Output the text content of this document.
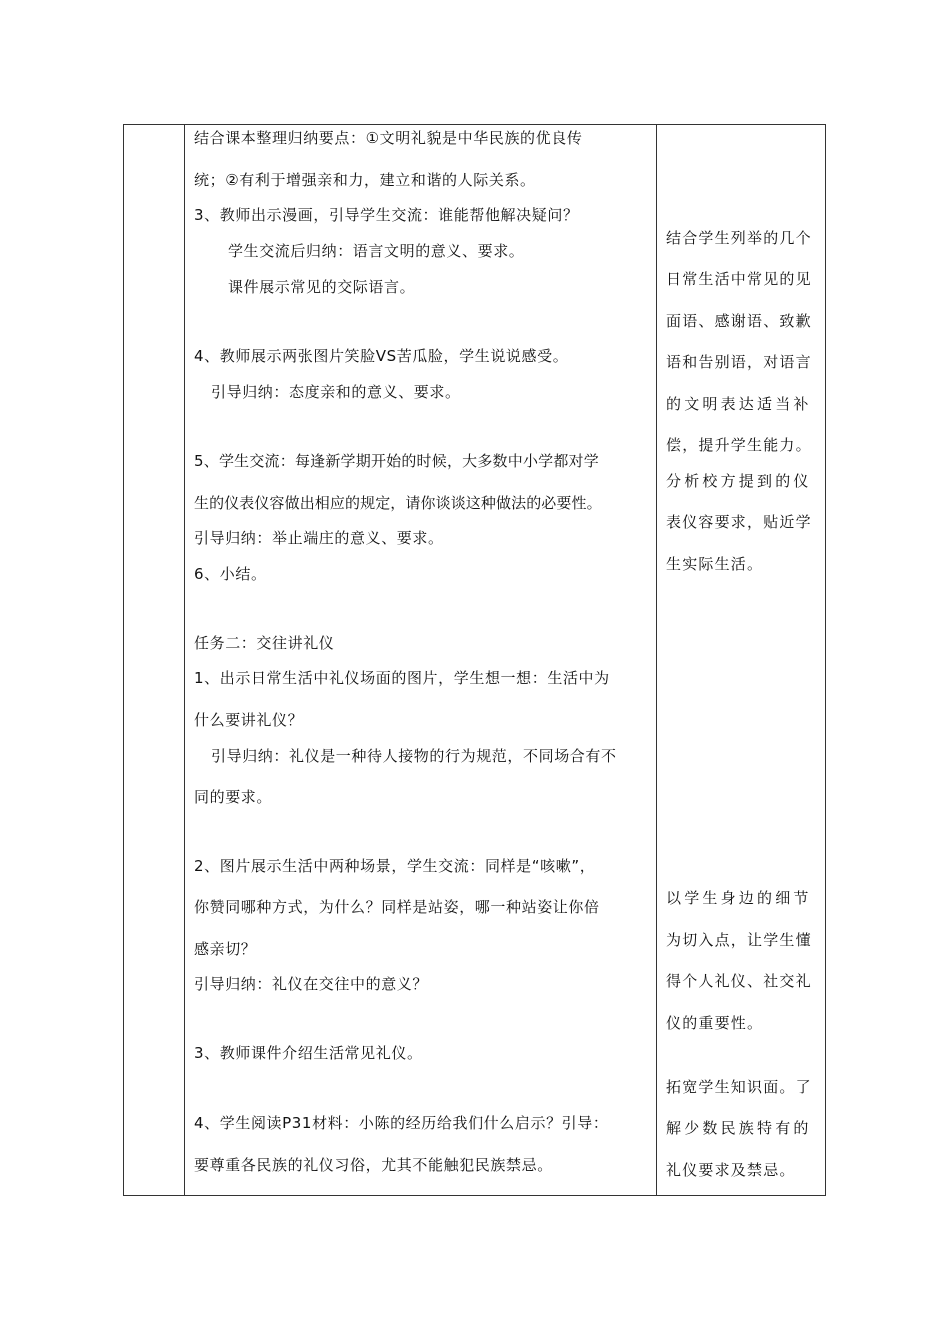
结合课本整理归纳要点：①文明礼貌是中华民族的优良传
统；②有利于增强亲和力，建立和谐的人际关系。
3、教师出示漫画，引导学生交流：谁能帮他解决疑问？
学生交流后归纳：语言文明的意义、要求。
课件展示常见的交际语言。
4、教师展示两张图片笑脸VS苦瓜脸，学生说说感受。
引导归纳：态度亲和的意义、要求。
5、学生交流：每逢新学期开始的时候，大多数中小学都对学
生的仪表仪容做出相应的规定，请你谈谈这种做法的必要性。
引导归纳：举止端庄的意义、要求。
6、小结。
任务二：交往讲礼仪
1、出示日常生活中礼仪场面的图片，学生想一想：生活中为
什么要讲礼仪？
引导归纳：礼仪是一种待人接物的行为规范，不同场合有不
同的要求。
2、图片展示生活中两种场景，学生交流：同样是“咳嗽”，
你赞同哪种方式，为什么？同样是站姿，哪一种站姿让你倍
感亲切？
引导归纳：礼仪在交往中的意义？
3、教师课件介绍生活常见礼仪。
4、学生阅读P31材料：小陈的经历给我们什么启示？引导：
要尊重各民族的礼仪习俗，尤其不能触犯民族禁忌。
结合学生列举的几个
日常生活中常见的见
面语、感谢语、致歉
语和告别语，对语言
的文明表达适当补
偿，提升学生能力。
分析校方提到的仪
表仪容要求，贴近学
生实际生活。
以学生身边的细节
为切入点，让学生懂
得个人礼仪、社交礼
仪的重要性。
拓宽学生知识面。了
解少数民族特有的
礼仪要求及禁忌。
